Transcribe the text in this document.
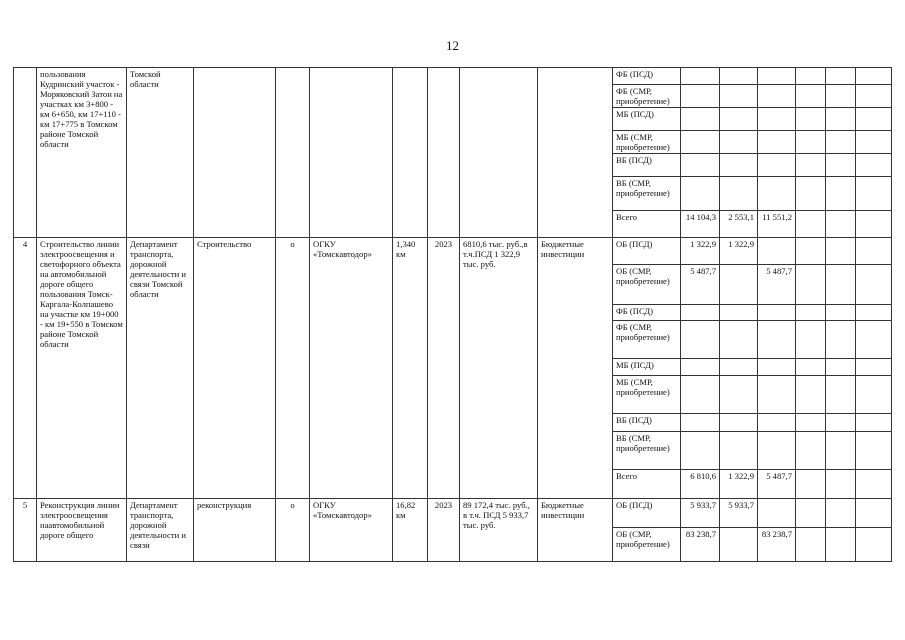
12
	пользования Кудринский участок - Моряковский Затон на участках км 3+800 - км 6+650, км 17+110 - км 17+775 в Томском районе Томской области	Томской области								ФБ (ПСД)						
										ФБ (СМР, приобретение)						
										МБ (ПСД)						
										МБ (СМР, приобретение)						
										ВБ (ПСД)						
										ВБ (СМР, приобретение)						
										Всего	14 104,3	2 553,1	11 551,2			
4	Строительство линии электроосвещения и светофорного объекта на автомобильной дороге общего пользования Томск-Каргала-Колпашево на участке км 19+000 - км 19+550 в Томском районе Томской области	Департамент транспорта, дорожной деятельности и связи Томской области	Строительство	о	ОГКУ «Томскавтодор»	1,340 км	2023	6810,6 тыс. руб.,в т.ч.ПСД 1 322,9 тыс. руб.	Бюджетные инвестиции	ОБ (ПСД)	1 322,9	1 322,9				
										ОБ (СМР, приобретение)	5 487,7		5 487,7			
										ФБ (ПСД)						
										ФБ (СМР, приобретение)						
										МБ (ПСД)						
										МБ (СМР, приобретение)						
										ВБ (ПСД)						
										ВБ (СМР, приобретение)						
										Всего	6 810,6	1 322,9	5 487,7			
5	Реконструкция линии электроосвещения наавтомобильной дороге общего	Департамент транспорта, дорожной деятельности и связи	реконструкция	о	ОГКУ «Томскавтодор»	16,82 км	2023	89 172,4 тыс. руб., в т.ч. ПСД 5 933,7 тыс. руб.	Бюджетные инвестиции	ОБ (ПСД)	5 933,7	5 933,7				
										ОБ (СМР, приобретение)	83 238,7		83 238,7			
